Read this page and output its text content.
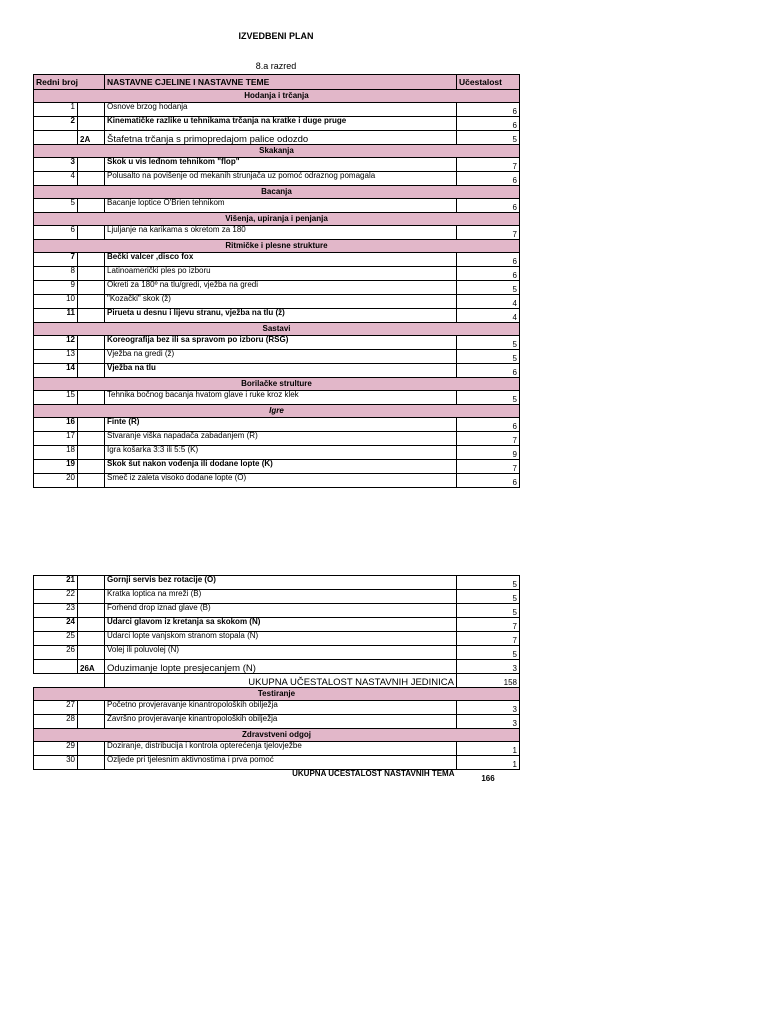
IZVEDBENI PLAN
8.a razred
Redni broj		NASTAVNE CJELINE I NASTAVNE TEME	Učestalost
Hodanja i trčanja			
1		Osnove brzog hodanja	6
2		Kinematičke razlike u tehnikama trčanja na kratke i duge pruge	6
	2A	Štafetna trčanja s primopredajom palice odozdo	5
Skakanja			
3		Skok u vis leđnom tehnikom "flop"	7
4		Polusalto na povišenje od mekanih strunjača uz pomoć odraznog pomagala	6
Bacanja			
5		Bacanje loptice O'Brien tehnikom	6
Višenja, upiranja i penjanja			
6		Ljuljanje na karikama s okretom za 180	7
Ritmičke i plesne strukture			
7		Bečki valcer ,disco fox	6
8		Latinoamerički ples po izboru	6
9		Okreti za 180º na tlu/gredi, vježba na gredi	5
10		"Kozački" skok (ž)	4
11		Pirueta u desnu i lijevu stranu, vježba na tlu (ž)	4
Sastavi			
12		Koreografija bez ili sa spravom po izboru (RSG)	5
13		Vježba na gredi (ž)	5
14		Vježba na tlu	6
Borilačke strulture			
15		Tehnika bočnog bacanja hvatom glave i ruke kroz klek	5
Igre			
16		Finte (R)	6
17		Stvaranje viška napadača zabadanjem (R)	7
18		Igra košarka 3:3 ili 5:5 (K)	9
19		Skok šut nakon vođenja ili dodane lopte (K)	7
20		Smeč iz zaleta visoko dodane lopte (O)	6
21		Gornji servis bez rotacije (O)	5
22		Kratka loptica na mreži (B)	5
23		Forhend drop iznad glave (B)	5
24		Udarci glavom iz kretanja sa skokom (N)	7
25		Udarci lopte vanjskom stranom stopala (N)	7
26		Volej ili poluvolej (N)	5
	26A	Oduzimanje lopte presjecanjem (N)	3
		UKUPNA UČESTALOST NASTAVNIH JEDINICA	158
Testiranje			
27		Početno provjeravanje kinantropoloških obilježja	3
28		Završno provjeravanje kinantropoloških obilježja	3
Zdravstveni odgoj			
29		Doziranje, distribucija i kontrola opterećenja tjelovježbe	1
30		Ozljede pri tjelesnim aktivnostima i prva pomoć	1
		UKUPNA UČESTALOST NASTAVNIH TEMA	166
